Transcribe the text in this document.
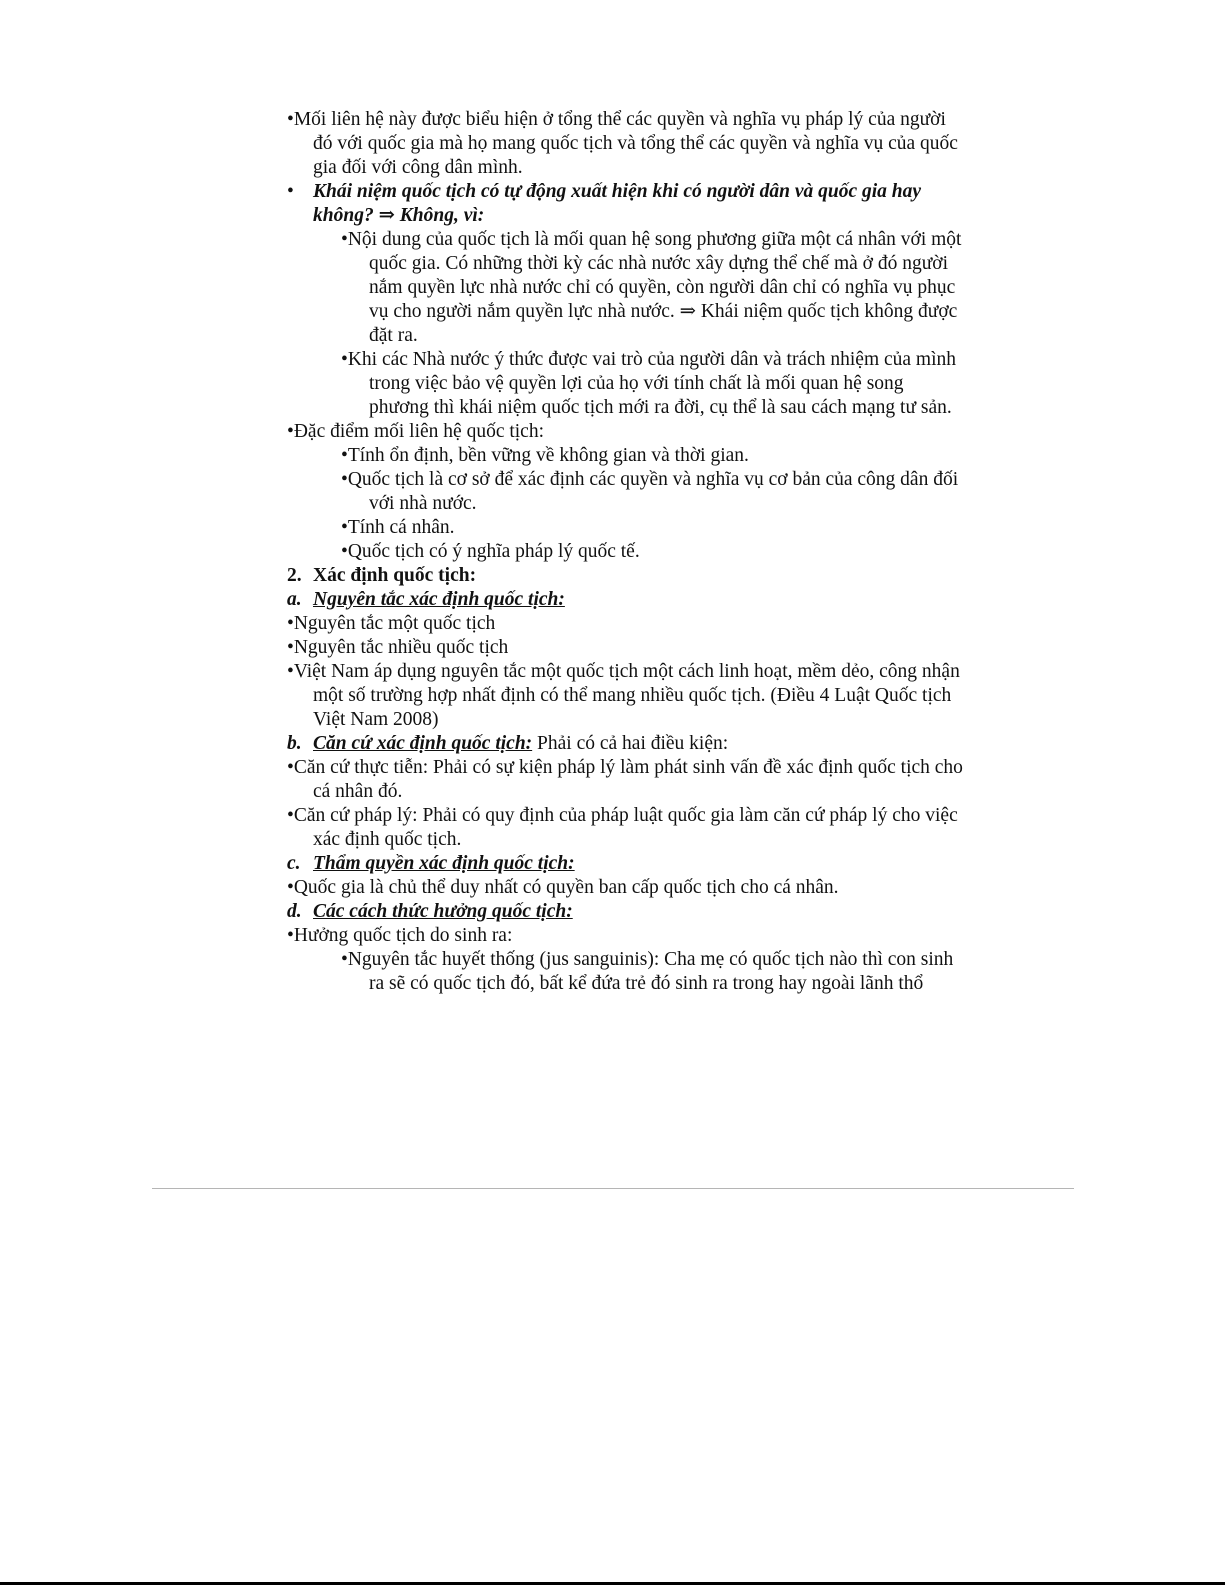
•Mối liên hệ này được biểu hiện ở tổng thể các quyền và nghĩa vụ pháp lý của người đó với quốc gia mà họ mang quốc tịch và tổng thể các quyền và nghĩa vụ của quốc gia đối với công dân mình.

• Khái niệm quốc tịch có tự động xuất hiện khi có người dân và quốc gia hay không? ⇒ Không, vì:

•Nội dung của quốc tịch là mối quan hệ song phương giữa một cá nhân với một quốc gia. Có những thời kỳ các nhà nước xây dựng thể chế mà ở đó người nắm quyền lực nhà nước chỉ có quyền, còn người dân chỉ có nghĩa vụ phục vụ cho người nắm quyền lực nhà nước. ⇒ Khái niệm quốc tịch không được đặt ra.

•Khi các Nhà nước ý thức được vai trò của người dân và trách nhiệm của mình trong việc bảo vệ quyền lợi của họ với tính chất là mối quan hệ song phương thì khái niệm quốc tịch mới ra đời, cụ thể là sau cách mạng tư sản.

•Đặc điểm mối liên hệ quốc tịch:

•Tính ổn định, bền vững về không gian và thời gian.

•Quốc tịch là cơ sở để xác định các quyền và nghĩa vụ cơ bản của công dân đối với nhà nước.

•Tính cá nhân.

•Quốc tịch có ý nghĩa pháp lý quốc tế.

2. Xác định quốc tịch:

a. Nguyên tắc xác định quốc tịch:

•Nguyên tắc một quốc tịch

•Nguyên tắc nhiều quốc tịch

•Việt Nam áp dụng nguyên tắc một quốc tịch một cách linh hoạt, mềm dẻo, công nhận một số trường hợp nhất định có thể mang nhiều quốc tịch. (Điều 4 Luật Quốc tịch Việt Nam 2008)

b. Căn cứ xác định quốc tịch: Phải có cả hai điều kiện:

•Căn cứ thực tiễn: Phải có sự kiện pháp lý làm phát sinh vấn đề xác định quốc tịch cho cá nhân đó.

•Căn cứ pháp lý: Phải có quy định của pháp luật quốc gia làm căn cứ pháp lý cho việc xác định quốc tịch.

c. Thẩm quyền xác định quốc tịch:

•Quốc gia là chủ thể duy nhất có quyền ban cấp quốc tịch cho cá nhân.

d. Các cách thức hưởng quốc tịch:

•Hưởng quốc tịch do sinh ra:

•Nguyên tắc huyết thống (jus sanguinis): Cha mẹ có quốc tịch nào thì con sinh ra sẽ có quốc tịch đó, bất kể đứa trẻ đó sinh ra trong hay ngoài lãnh thổ
